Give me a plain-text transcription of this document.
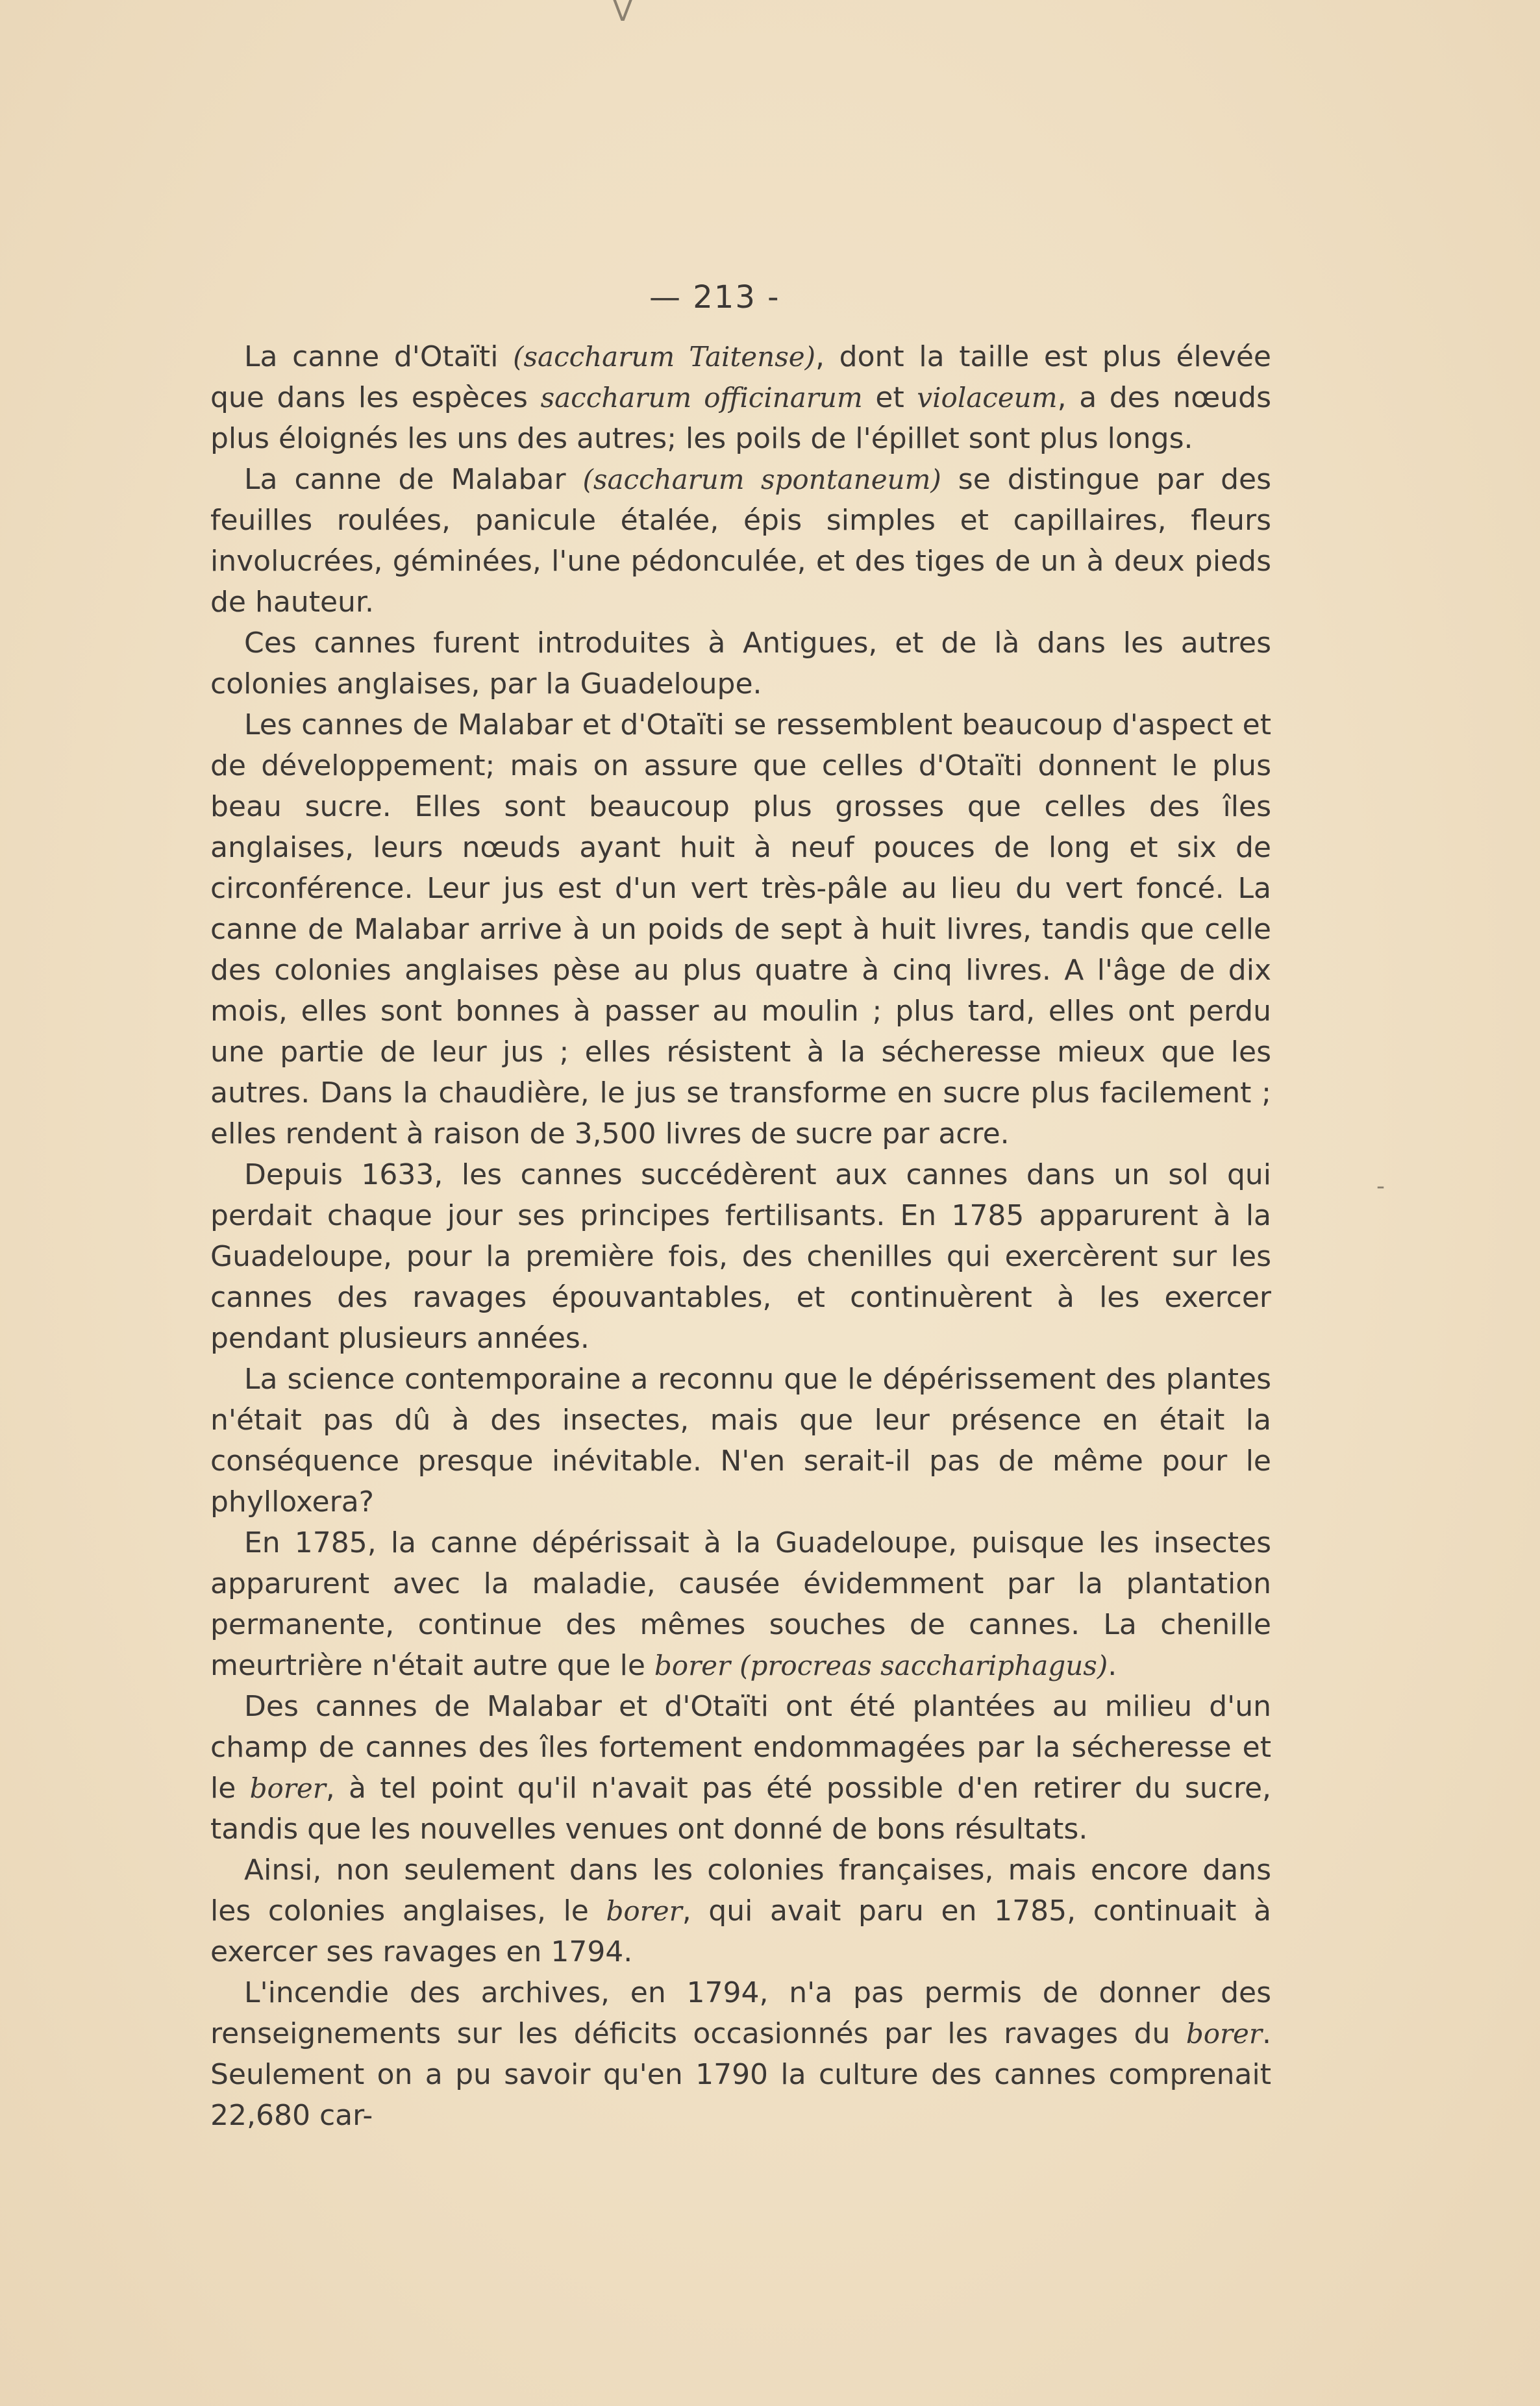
V
-
— 213 -

La canne d'Otaïti (saccharum Taitense), dont la taille est plus élevée que dans les espèces saccharum officinarum et violaceum, a des nœuds plus éloignés les uns des autres; les poils de l'épillet sont plus longs.

La canne de Malabar (saccharum spontaneum) se distingue par des feuilles roulées, panicule étalée, épis simples et capillaires, fleurs involucrées, géminées, l'une pédonculée, et des tiges de un à deux pieds de hauteur.

Ces cannes furent introduites à Antigues, et de là dans les autres colonies anglaises, par la Guadeloupe.

Les cannes de Malabar et d'Otaïti se ressemblent beaucoup d'aspect et de développement; mais on assure que celles d'Otaïti donnent le plus beau sucre. Elles sont beaucoup plus grosses que celles des îles anglaises, leurs nœuds ayant huit à neuf pouces de long et six de circonférence. Leur jus est d'un vert très-pâle au lieu du vert foncé. La canne de Malabar arrive à un poids de sept à huit livres, tandis que celle des colonies anglaises pèse au plus quatre à cinq livres. A l'âge de dix mois, elles sont bonnes à passer au moulin ; plus tard, elles ont perdu une partie de leur jus ; elles résistent à la sécheresse mieux que les autres. Dans la chaudière, le jus se transforme en sucre plus facilement ; elles rendent à raison de 3,500 livres de sucre par acre.

Depuis 1633, les cannes succédèrent aux cannes dans un sol qui perdait chaque jour ses principes fertilisants. En 1785 apparurent à la Guadeloupe, pour la première fois, des chenilles qui exercèrent sur les cannes des ravages épouvantables, et continuèrent à les exercer pendant plusieurs années.

La science contemporaine a reconnu que le dépérissement des plantes n'était pas dû à des insectes, mais que leur présence en était la conséquence presque inévitable. N'en serait-il pas de même pour le phylloxera?

En 1785, la canne dépérissait à la Guadeloupe, puisque les insectes apparurent avec la maladie, causée évidemment par la plantation permanente, continue des mêmes souches de cannes. La chenille meurtrière n'était autre que le borer (procreas sacchariphagus).

Des cannes de Malabar et d'Otaïti ont été plantées au milieu d'un champ de cannes des îles fortement endommagées par la sécheresse et le borer, à tel point qu'il n'avait pas été possible d'en retirer du sucre, tandis que les nouvelles venues ont donné de bons résultats.

Ainsi, non seulement dans les colonies françaises, mais encore dans les colonies anglaises, le borer, qui avait paru en 1785, continuait à exercer ses ravages en 1794.

L'incendie des archives, en 1794, n'a pas permis de donner des renseignements sur les déficits occasionnés par les ravages du borer. Seulement on a pu savoir qu'en 1790 la culture des cannes comprenait 22,680 car-
